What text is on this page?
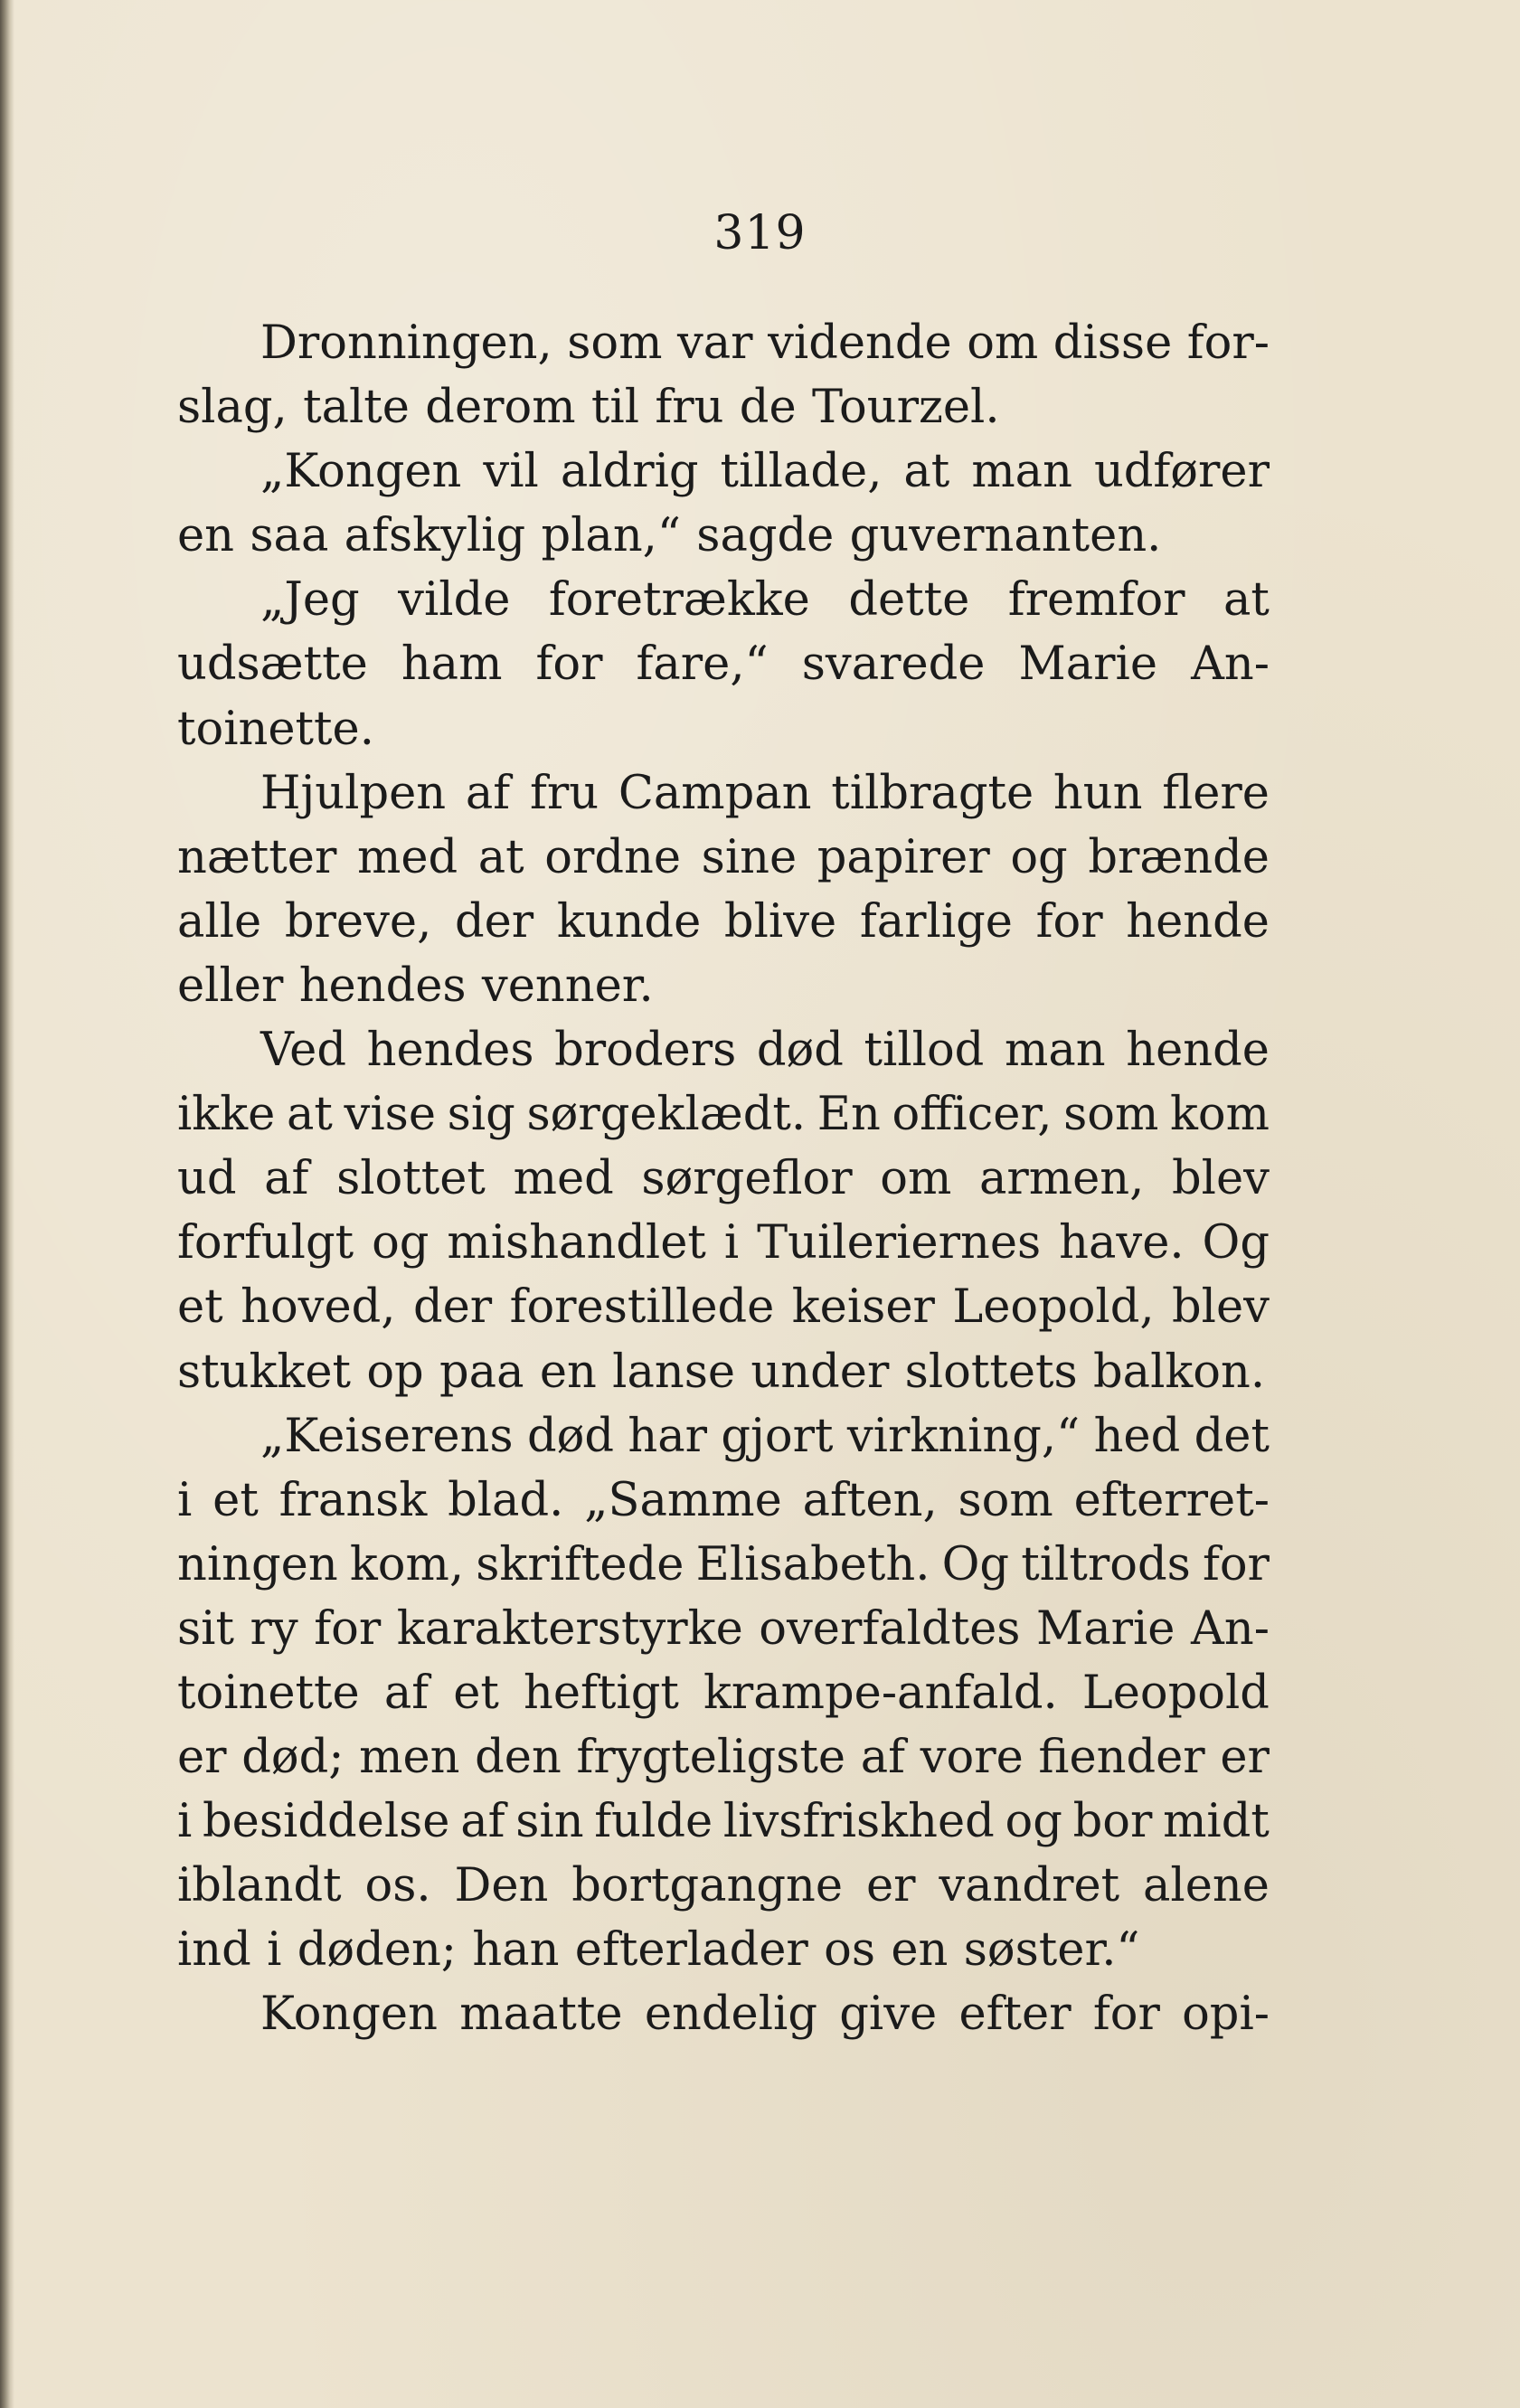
319
Dronningen, som var vidende om disse for-
slag, talte derom til fru de Tourzel.
„Kongen vil aldrig tillade, at man udfører
en saa afskylig plan,“ sagde guvernanten.
„Jeg vilde foretrække dette fremfor at
udsætte ham for fare,“ svarede Marie An-
toinette.
Hjulpen af fru Campan tilbragte hun flere
nætter med at ordne sine papirer og brænde
alle breve, der kunde blive farlige for hende
eller hendes venner.
Ved hendes broders død tillod man hende
ikke at vise sig sørgeklædt. En officer, som kom
ud af slottet med sørgeflor om armen, blev
forfulgt og mishandlet i Tuileriernes have. Og
et hoved, der forestillede keiser Leopold, blev
stukket op paa en lanse under slottets balkon.
„Keiserens død har gjort virkning,“ hed det
i et fransk blad. „Samme aften, som efterret-
ningen kom, skriftede Elisabeth. Og tiltrods for
sit ry for karakterstyrke overfaldtes Marie An-
toinette af et heftigt krampe-anfald. Leopold
er død; men den frygteligste af vore fiender er
i besiddelse af sin fulde livsfriskhed og bor midt
iblandt os. Den bortgangne er vandret alene
ind i døden; han efterlader os en søster.“
Kongen maatte endelig give efter for opi-
